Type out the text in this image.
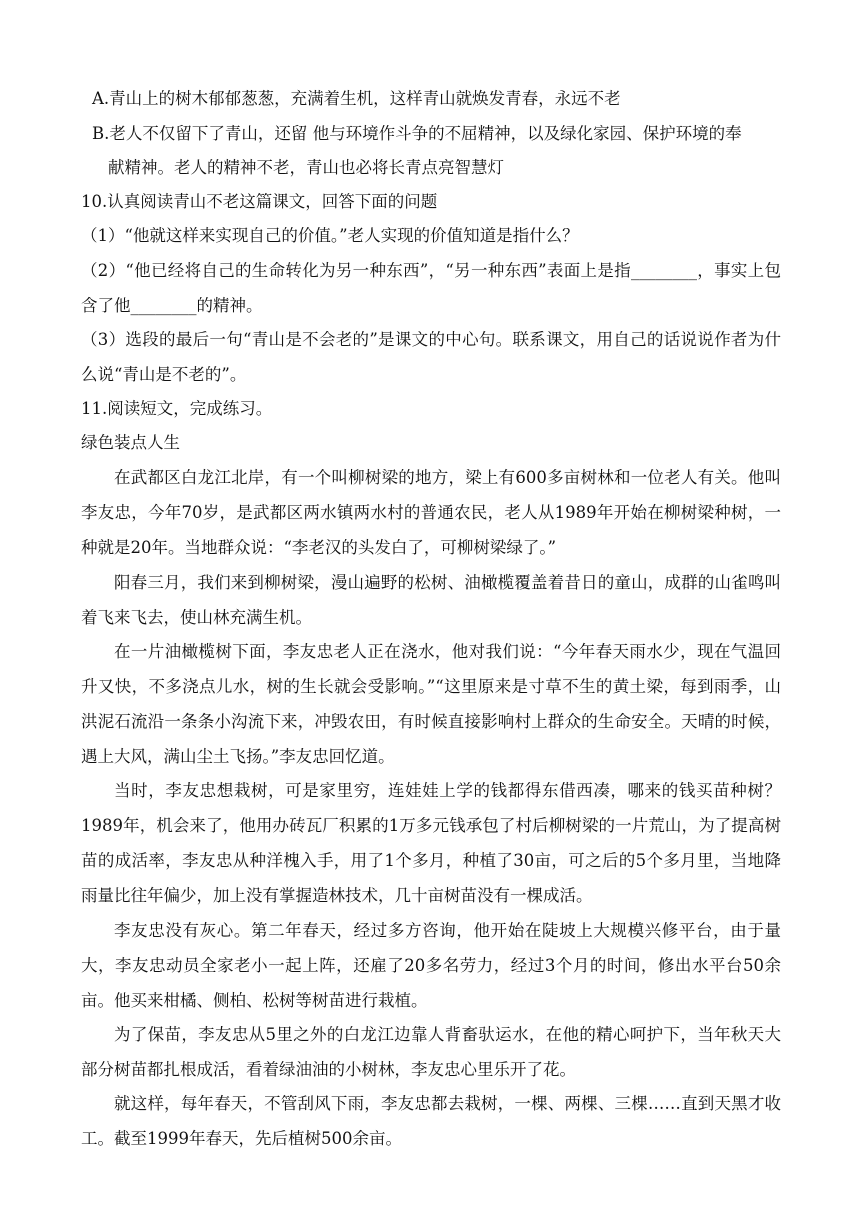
A.青山上的树木郁郁葱葱，充满着生机，这样青山就焕发青春，永远不老
B.老人不仅留下了青山，还留 他与环境作斗争的不屈精神，以及绿化家园、保护环境的奉
献精神。老人的精神不老，青山也必将长青点亮智慧灯
10.认真阅读青山不老这篇课文，回答下面的问题
（1）“他就这样来实现自己的价值。”老人实现的价值知道是指什么？
（2）“他已经将自己的生命转化为另一种东西”，“另一种东西”表面上是指________，事实上包含了他________的精神。
（3）选段的最后一句“青山是不会老的”是课文的中心句。联系课文，用自己的话说说作者为什么说“青山是不老的”。
11.阅读短文，完成练习。
绿色装点人生
在武都区白龙江北岸，有一个叫柳树梁的地方，梁上有600多亩树林和一位老人有关。他叫李友忠，今年70岁，是武都区两水镇两水村的普通农民，老人从1989年开始在柳树梁种树，一种就是20年。当地群众说：“李老汉的头发白了，可柳树梁绿了。”
阳春三月，我们来到柳树梁，漫山遍野的松树、油橄榄覆盖着昔日的童山，成群的山雀鸣叫着飞来飞去，使山林充满生机。
在一片油橄榄树下面，李友忠老人正在浇水，他对我们说：“今年春天雨水少，现在气温回升又快，不多浇点儿水，树的生长就会受影响。”“这里原来是寸草不生的黄土梁，每到雨季，山洪泥石流沿一条条小沟流下来，冲毁农田，有时候直接影响村上群众的生命安全。天晴的时候，遇上大风，满山尘土飞扬。”李友忠回忆道。
当时，李友忠想栽树，可是家里穷，连娃娃上学的钱都得东借西凑，哪来的钱买苗种树？1989年，机会来了，他用办砖瓦厂积累的1万多元钱承包了村后柳树梁的一片荒山，为了提高树苗的成活率，李友忠从种洋槐入手，用了1个多月，种植了30亩，可之后的5个多月里，当地降雨量比往年偏少，加上没有掌握造林技术，几十亩树苗没有一棵成活。
李友忠没有灰心。第二年春天，经过多方咨询，他开始在陡坡上大规模兴修平台，由于量大，李友忠动员全家老小一起上阵，还雇了20多名劳力，经过3个月的时间，修出水平台50余亩。他买来柑橘、侧柏、松树等树苗进行栽植。
为了保苗，李友忠从5里之外的白龙江边靠人背畜驮运水，在他的精心呵护下，当年秋天大部分树苗都扎根成活，看着绿油油的小树林，李友忠心里乐开了花。
就这样，每年春天，不管刮风下雨，李友忠都去栽树，一棵、两棵、三棵……直到天黑才收工。截至1999年春天，先后植树500余亩。
